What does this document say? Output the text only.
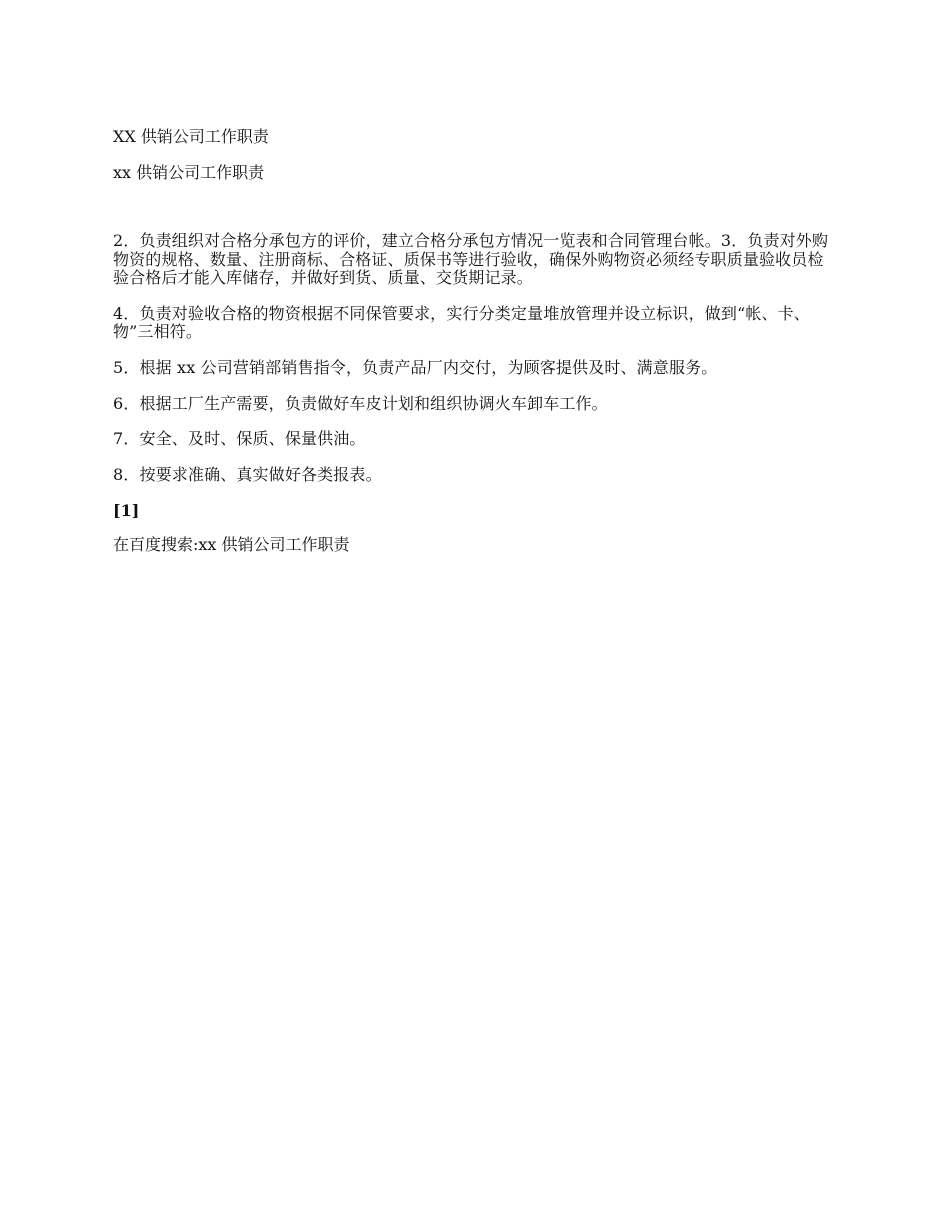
XX 供销公司工作职责
xx 供销公司工作职责

2．负责组织对合格分承包方的评价，建立合格分承包方情况一览表和合同管理台帐。3．负责对外购物资的规格、数量、注册商标、合格证、质保书等进行验收，确保外购物资必须经专职质量验收员检验合格后才能入库储存，并做好到货、质量、交货期记录。

4．负责对验收合格的物资根据不同保管要求，实行分类定量堆放管理并设立标识，做到“帐、卡、物”三相符。

5．根据 xx 公司营销部销售指令，负责产品厂内交付，为顾客提供及时、满意服务。

6．根据工厂生产需要，负责做好车皮计划和组织协调火车卸车工作。

7．安全、及时、保质、保量供油。

8．按要求准确、真实做好各类报表。

[1]
在百度搜索:xx 供销公司工作职责
